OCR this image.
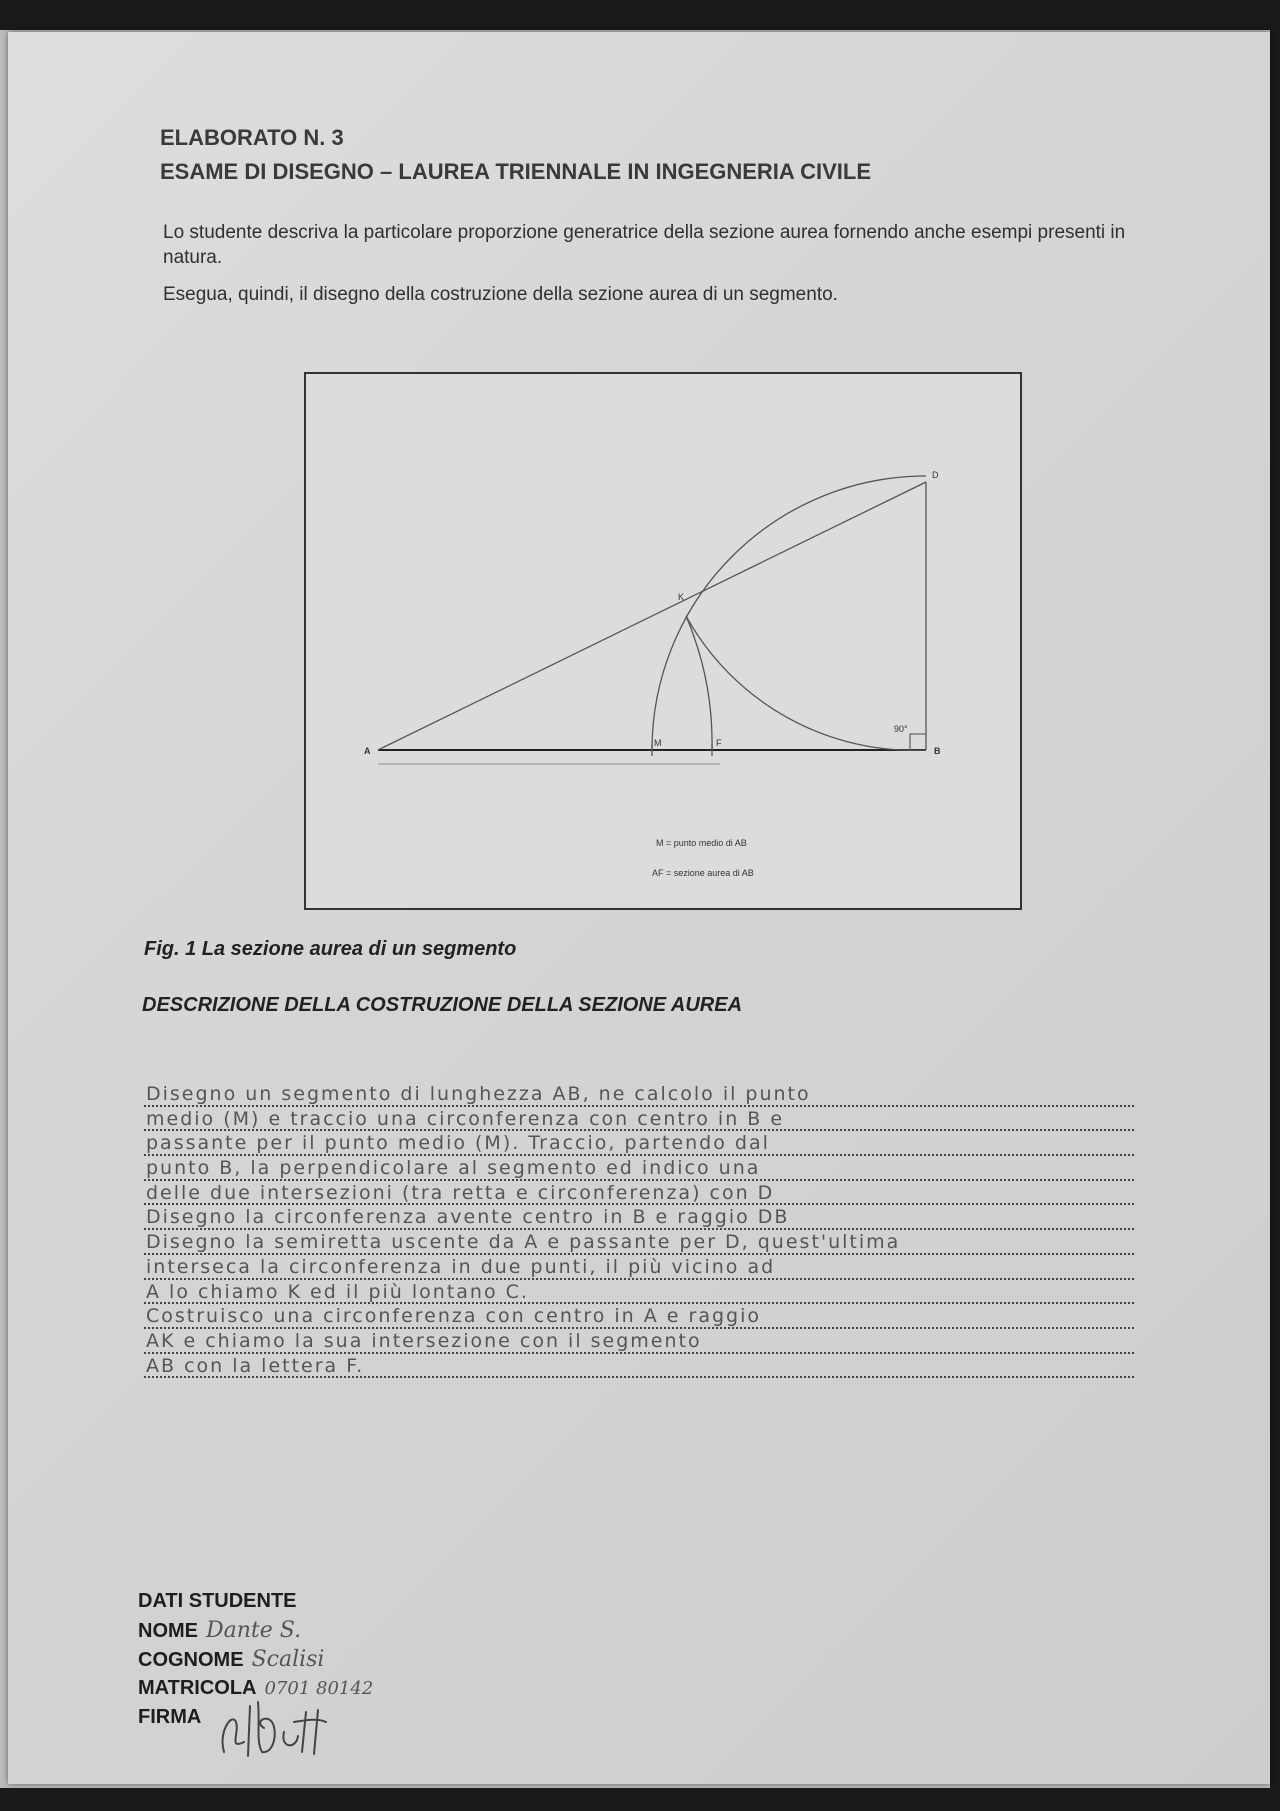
ELABORATO N. 3
ESAME DI DISEGNO – LAUREA TRIENNALE IN INGEGNERIA CIVILE

Lo studente descriva la particolare proporzione generatrice della sezione aurea fornendo anche esempi presenti in natura.

Esegua, quindi, il disegno della costruzione della sezione aurea di un segmento.

A	B
D
K
M	F
90°
M = punto medio di AB
AF = sezione aurea di AB
Fig. 1 La sezione aurea di un segmento
DESCRIZIONE DELLA COSTRUZIONE DELLA SEZIONE AUREA
Disegno un segmento di lunghezza AB, ne calcolo il punto
medio (M) e traccio una circonferenza con centro in B e
passante per il punto medio (M). Traccio, partendo dal
punto B, la perpendicolare al segmento ed indico una
delle due intersezioni (tra retta e circonferenza) con D
Disegno la circonferenza avente centro in B e raggio DB
Disegno la semiretta uscente da A e passante per D, quest'ultima
interseca la circonferenza in due punti, il più vicino ad
A lo chiamo K ed il più lontano C.
Costruisco una circonferenza con centro in A e raggio
AK e chiamo la sua intersezione con il segmento
AB con la lettera F.
DATI STUDENTE
NOME Dante S.
COGNOME Scalisi
MATRICOLA 0701 80142
FIRMA
